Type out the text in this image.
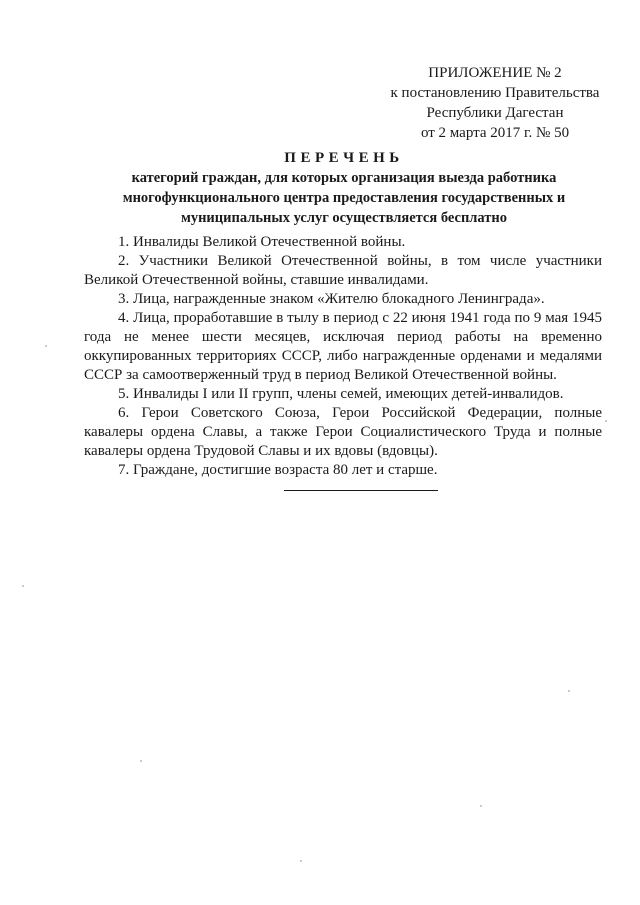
ПРИЛОЖЕНИЕ № 2
к постановлению Правительства
Республики Дагестан
от 2 марта 2017 г. № 50
ПЕРЕЧЕНЬ
категорий граждан, для которых организация выезда работника
многофункционального центра предоставления государственных и
муниципальных услуг осуществляется бесплатно

1. Инвалиды Великой Отечественной войны.

2. Участники Великой Отечественной войны, в том числе участники Великой Отечественной войны, ставшие инвалидами.

3. Лица, награжденные знаком «Жителю блокадного Ленинграда».

4. Лица, проработавшие в тылу в период с 22 июня 1941 года по 9 мая 1945 года не менее шести месяцев, исключая период работы на временно оккупированных территориях СССР, либо награжденные орденами и медалями СССР за самоотверженный труд в период Великой Отечественной войны.

5. Инвалиды I или II групп, члены семей, имеющих детей-инвалидов.

6. Герои Советского Союза, Герои Российской Федерации, полные кавалеры ордена Славы, а также Герои Социалистического Труда и полные кавалеры ордена Трудовой Славы и их вдовы (вдовцы).

7. Граждане, достигшие возраста 80 лет и старше.
